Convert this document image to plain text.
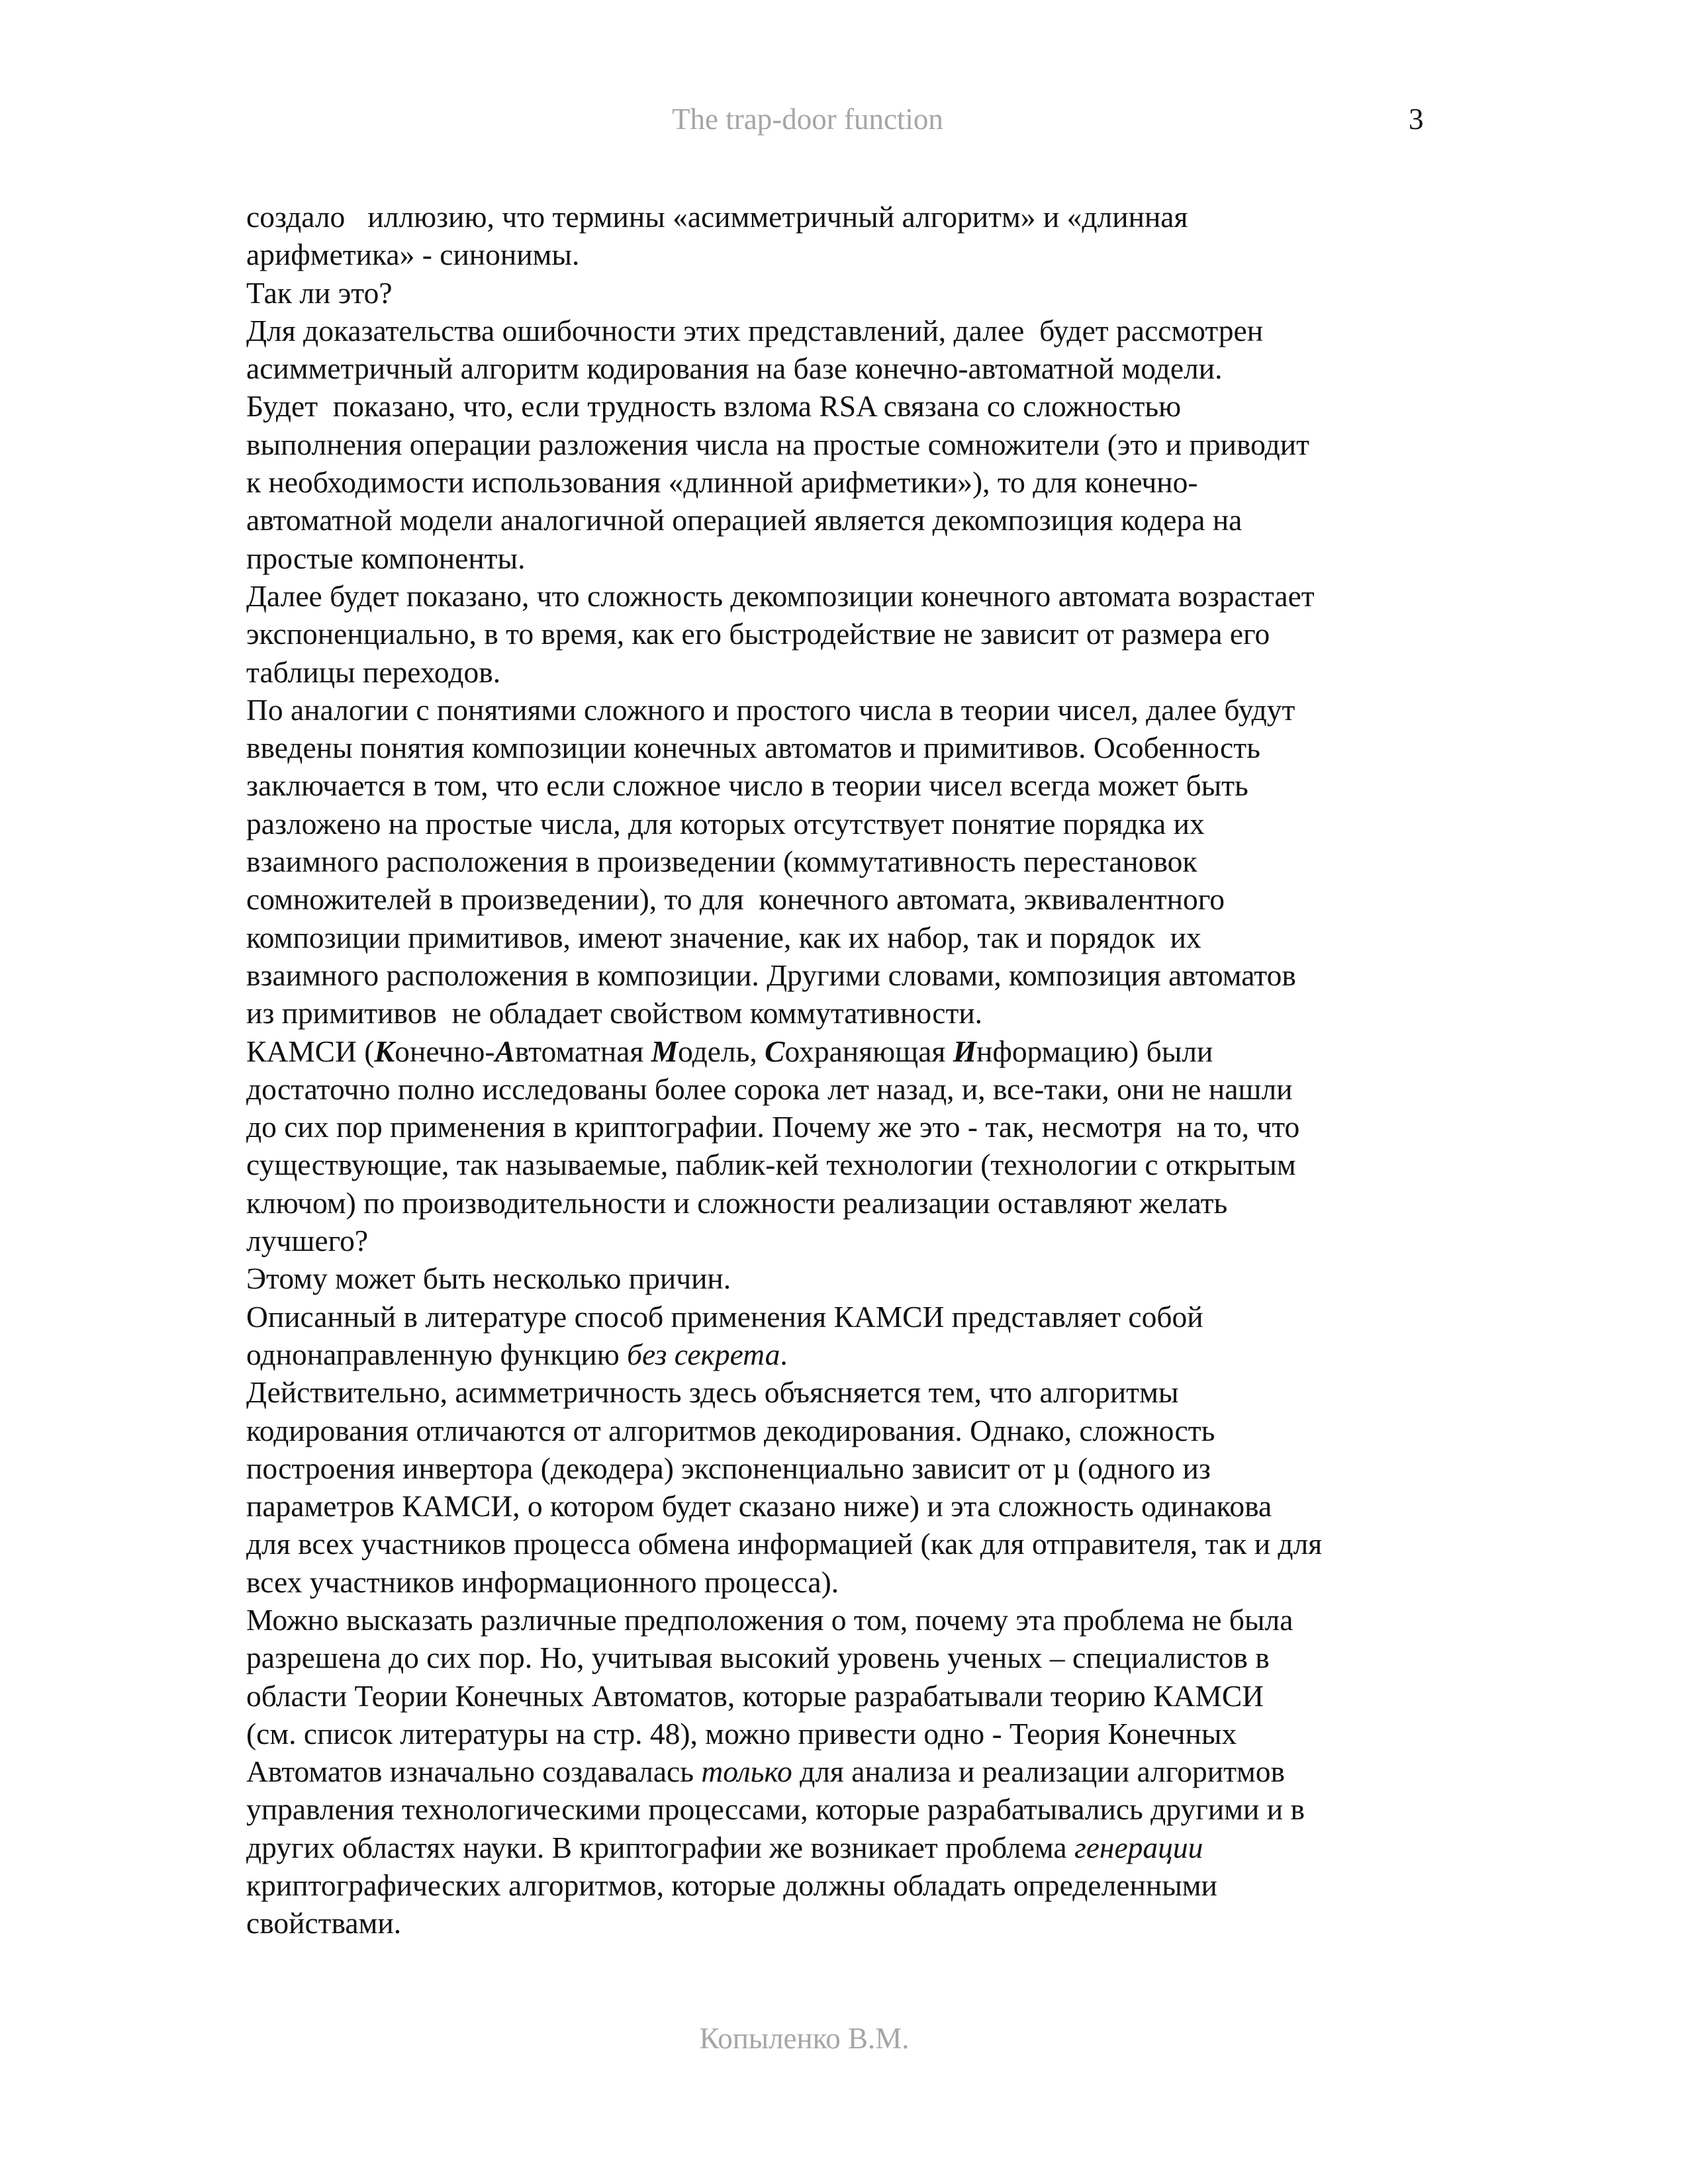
The trap-door function	3
создало   иллюзию, что термины «асимметричный алгоритм» и «длинная
арифметика» - синонимы.
Так ли это?
Для доказательства ошибочности этих представлений, далее  будет рассмотрен
асимметричный алгоритм кодирования на базе конечно-автоматной модели.
Будет  показано, что, если трудность взлома RSA связана со сложностью
выполнения операции разложения числа на простые сомножители (это и приводит
к необходимости использования «длинной арифметики»), то для конечно-
автоматной модели аналогичной операцией является декомпозиция кодера на
простые компоненты.
Далее будет показано, что сложность декомпозиции конечного автомата возрастает
экспоненциально, в то время, как его быстродействие не зависит от размера его
таблицы переходов.
По аналогии с понятиями сложного и простого числа в теории чисел, далее будут
введены понятия композиции конечных автоматов и примитивов. Особенность
заключается в том, что если сложное число в теории чисел всегда может быть
разложено на простые числа, для которых отсутствует понятие порядка их
взаимного расположения в произведении (коммутативность перестановок
сомножителей в произведении), то для  конечного автомата, эквивалентного
композиции примитивов, имеют значение, как их набор, так и порядок  их
взаимного расположения в композиции. Другими словами, композиция автоматов
из примитивов  не обладает свойством коммутативности.
КАМСИ (Конечно-Автоматная Модель, Сохраняющая Информацию) были
достаточно полно исследованы более сорока лет назад, и, все-таки, они не нашли
до сих пор применения в криптографии. Почему же это - так, несмотря  на то, что
существующие, так называемые, паблик-кей технологии (технологии с открытым
ключом) по производительности и сложности реализации оставляют желать
лучшего?
Этому может быть несколько причин.
Описанный в литературе способ применения КАМСИ представляет собой
однонаправленную функцию без секрета.
Действительно, асимметричность здесь объясняется тем, что алгоритмы
кодирования отличаются от алгоритмов декодирования. Однако, сложность
построения инвертора (декодера) экспоненциально зависит от µ (одного из
параметров КАМСИ, о котором будет сказано ниже) и эта сложность одинакова
для всех участников процесса обмена информацией (как для отправителя, так и для
всех участников информационного процесса).
Можно высказать различные предположения о том, почему эта проблема не была
разрешена до сих пор. Но, учитывая высокий уровень ученых – специалистов в
области Теории Конечных Автоматов, которые разрабатывали теорию КАМСИ
(см. список литературы на стр. 48), можно привести одно - Теория Конечных
Автоматов изначально создавалась только для анализа и реализации алгоритмов
управления технологическими процессами, которые разрабатывались другими и в
других областях науки. В криптографии же возникает проблема генерации
криптографических алгоритмов, которые должны обладать определенными
свойствами.
Копыленко В.М.
